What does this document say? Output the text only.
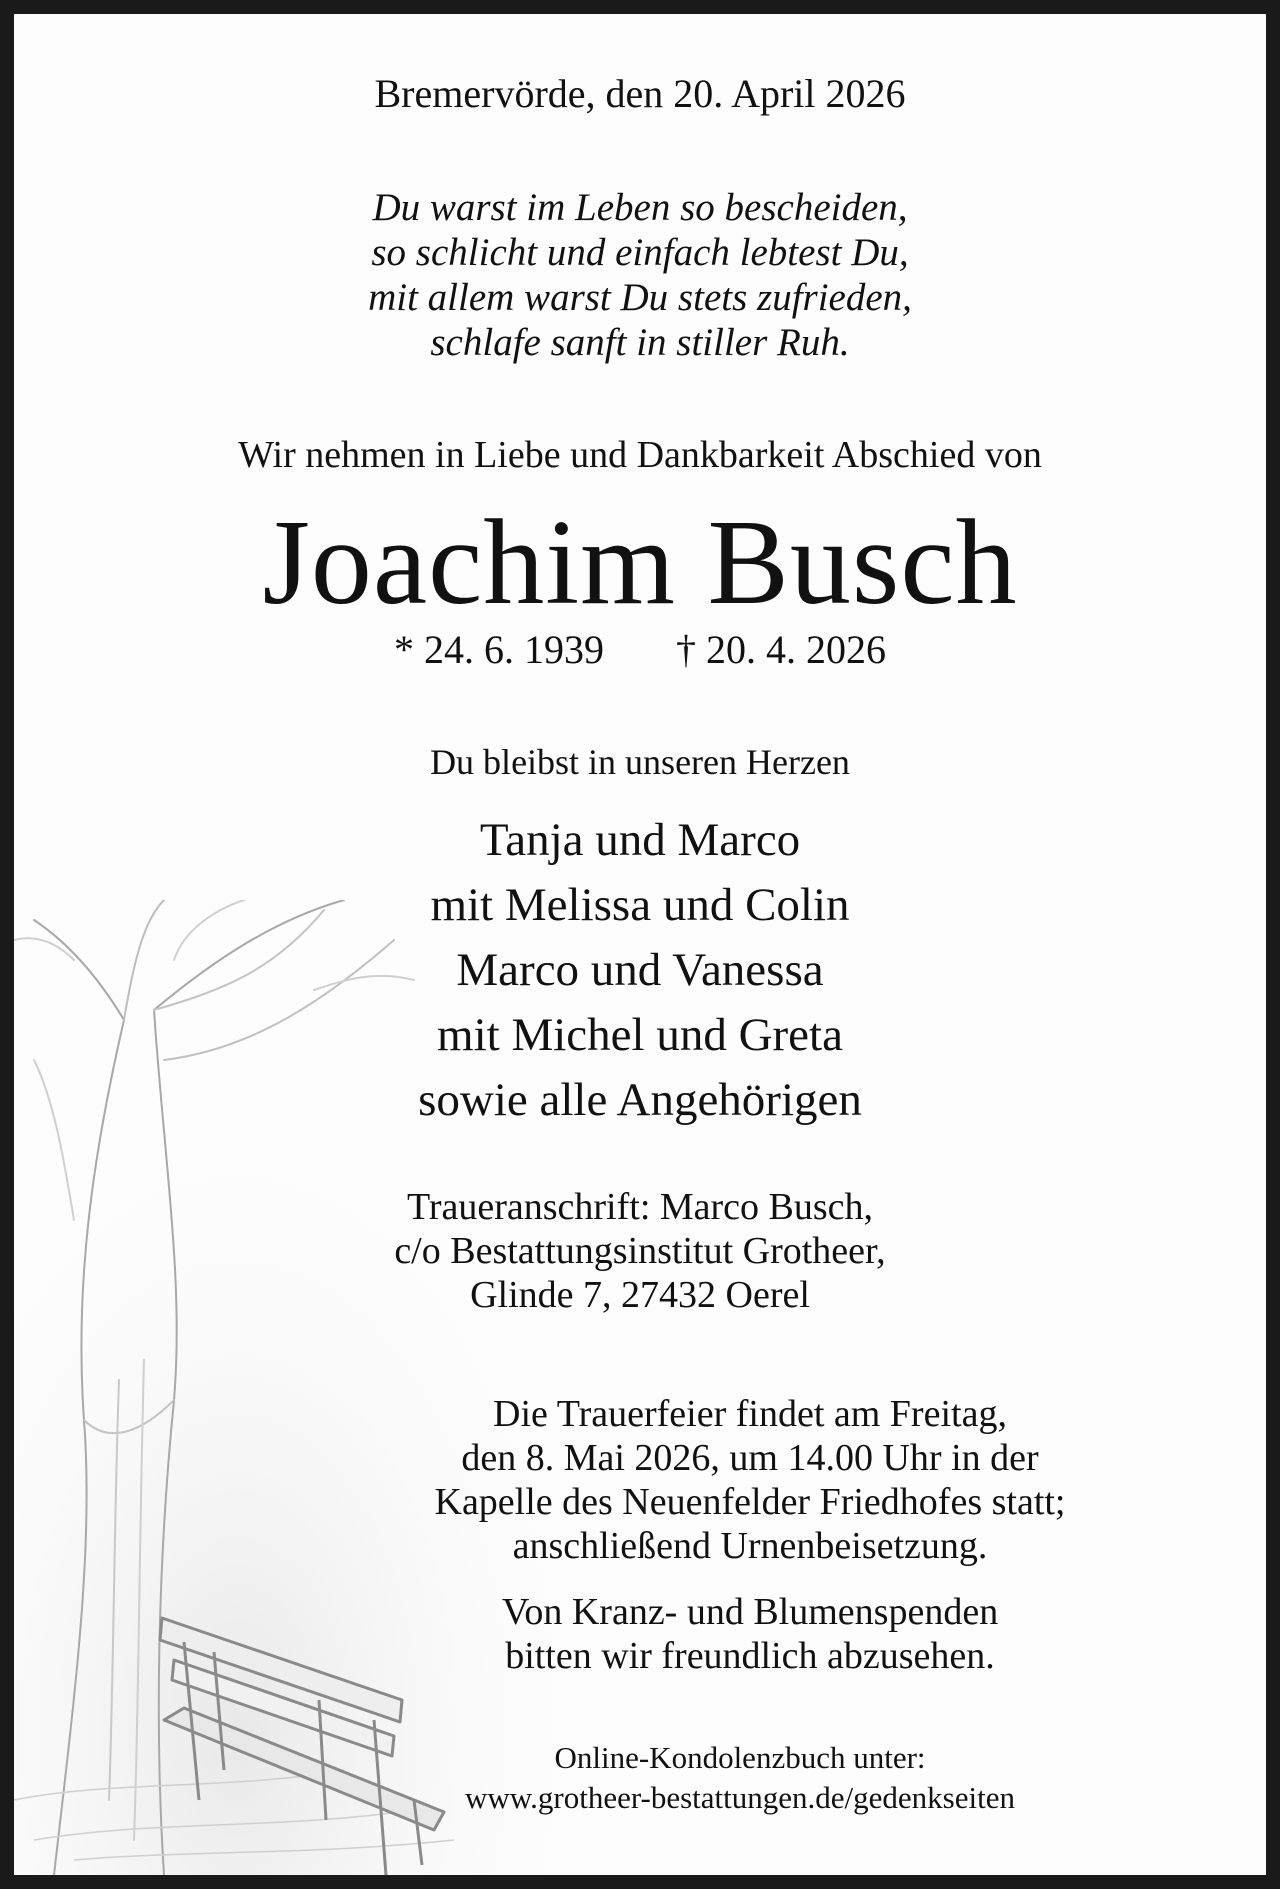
Bremervörde, den 20. April 2026
Du warst im Leben so bescheiden,
so schlicht und einfach lebtest Du,
mit allem warst Du stets zufrieden,
schlafe sanft in stiller Ruh.
Wir nehmen in Liebe und Dankbarkeit Abschied von
Joachim Busch
* 24. 6. 1939 † 20. 4. 2026
Du bleibst in unseren Herzen
Tanja und Marco
mit Melissa und Colin
Marco und Vanessa
mit Michel und Greta
sowie alle Angehörigen
Traueranschrift: Marco Busch,
c/o Bestattungsinstitut Grotheer,
Glinde 7, 27432 Oerel
Die Trauerfeier findet am Freitag,
den 8. Mai 2026, um 14.00 Uhr in der
Kapelle des Neuenfelder Friedhofes statt;
anschließend Urnenbeisetzung.
Von Kranz- und Blumenspenden
bitten wir freundlich abzusehen.
Online-Kondolenzbuch unter:
www.grotheer-bestattungen.de/gedenkseiten
